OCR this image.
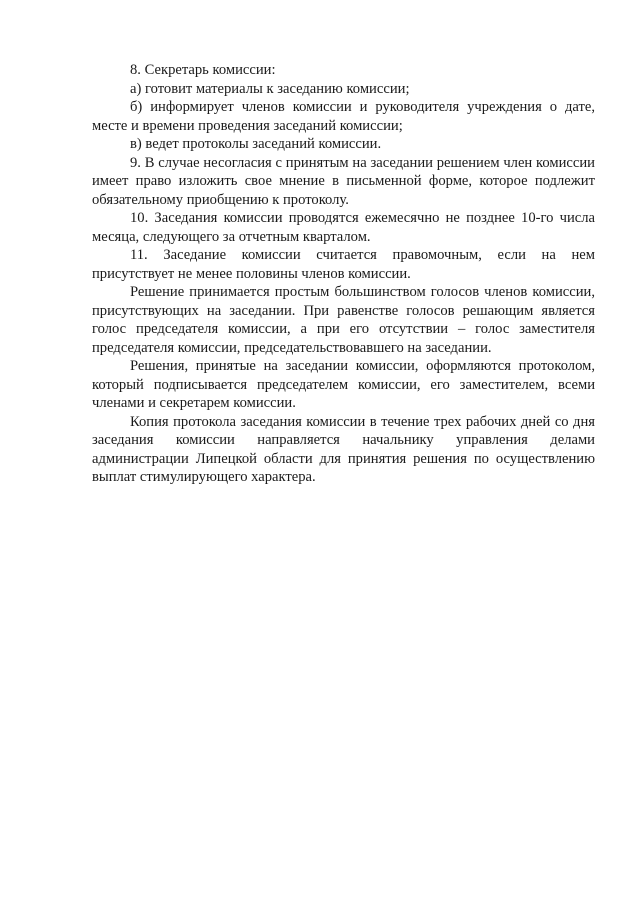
8. Секретарь комиссии:

а) готовит материалы к заседанию комиссии;

б) информирует членов комиссии и руководителя учреждения о дате, месте и времени проведения заседаний комиссии;

в) ведет протоколы заседаний комиссии.

9. В случае несогласия с принятым на заседании решением член комиссии имеет право изложить свое мнение в письменной форме, которое подлежит обязательному приобщению к протоколу.

10. Заседания комиссии проводятся ежемесячно не позднее 10-го числа месяца, следующего за отчетным кварталом.

11. Заседание комиссии считается правомочным, если на нем присутствует не менее половины членов комиссии.

Решение принимается простым большинством голосов членов комиссии, присутствующих на заседании. При равенстве голосов решающим является голос председателя комиссии, а при его отсутствии – голос заместителя председателя комиссии, председательствовавшего на заседании.

Решения, принятые на заседании комиссии, оформляются протоколом, который подписывается председателем комиссии, его заместителем, всеми членами и секретарем комиссии.

Копия протокола заседания комиссии в течение трех рабочих дней со дня заседания комиссии направляется начальнику управления делами администрации Липецкой области для принятия решения по осуществлению выплат стимулирующего характера.
